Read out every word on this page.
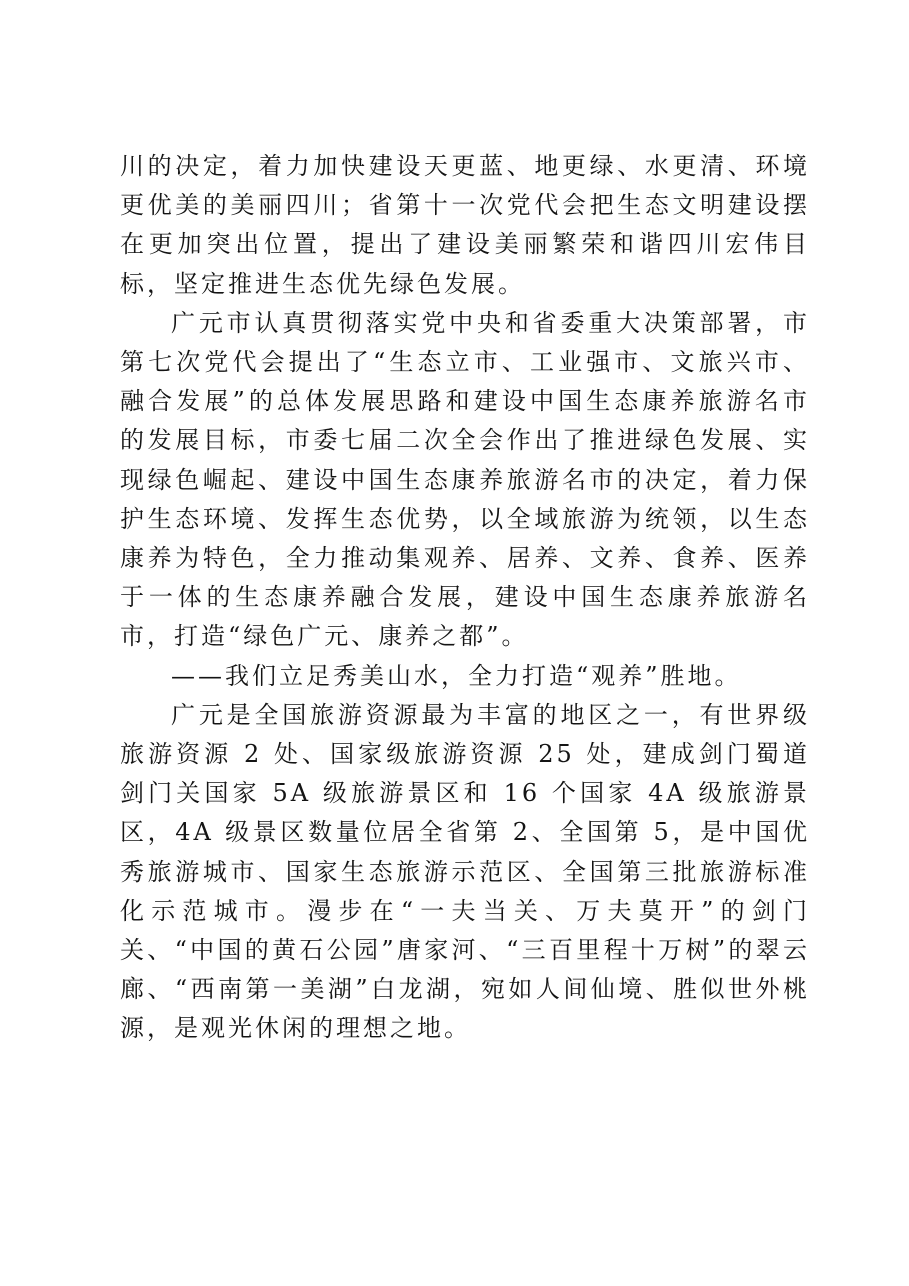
川的决定，着力加快建设天更蓝、地更绿、水更清、环境更优美的美丽四川；省第十一次党代会把生态文明建设摆在更加突出位置，提出了建设美丽繁荣和谐四川宏伟目标，坚定推进生态优先绿色发展。

广元市认真贯彻落实党中央和省委重大决策部署，市第七次党代会提出了“生态立市、工业强市、文旅兴市、融合发展”的总体发展思路和建设中国生态康养旅游名市的发展目标，市委七届二次全会作出了推进绿色发展、实现绿色崛起、建设中国生态康养旅游名市的决定，着力保护生态环境、发挥生态优势，以全域旅游为统领，以生态康养为特色，全力推动集观养、居养、文养、食养、医养于一体的生态康养融合发展，建设中国生态康养旅游名市，打造“绿色广元、康养之都”。

——我们立足秀美山水，全力打造“观养”胜地。

广元是全国旅游资源最为丰富的地区之一，有世界级旅游资源 2 处、国家级旅游资源 25 处，建成剑门蜀道剑门关国家 5A 级旅游景区和 16 个国家 4A 级旅游景区，4A 级景区数量位居全省第 2、全国第 5，是中国优秀旅游城市、国家生态旅游示范区、全国第三批旅游标准化示范城市。漫步在“一夫当关、万夫莫开”的剑门关、“中国的黄石公园”唐家河、“三百里程十万树”的翠云廊、“西南第一美湖”白龙湖，宛如人间仙境、胜似世外桃源，是观光休闲的理想之地。
